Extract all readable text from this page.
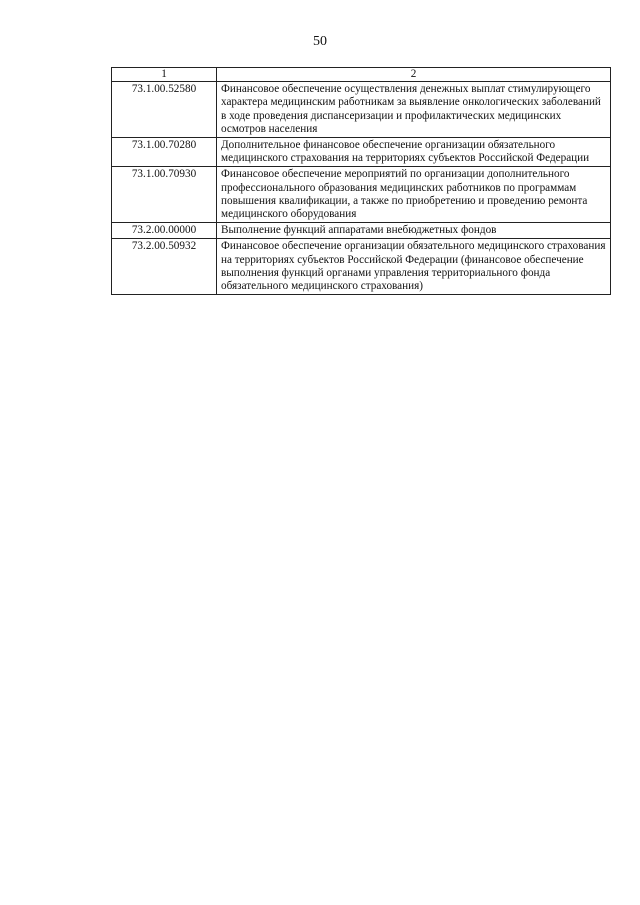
50
1	2
73.1.00.52580	Финансовое обеспечение осуществления денежных выплат стимулирующего характера медицинским работникам за выявление онкологических заболеваний в ходе проведения диспансеризации и профилактических медицинских осмотров населения
73.1.00.70280	Дополнительное финансовое обеспечение организации обязательного медицинского страхования на территориях субъектов Российской Федерации
73.1.00.70930	Финансовое обеспечение мероприятий по организации дополнительного профессионального образования медицинских работников по программам повышения квалификации, а также по приобретению и проведению ремонта медицинского оборудования
73.2.00.00000	Выполнение функций аппаратами внебюджетных фондов
73.2.00.50932	Финансовое обеспечение организации обязательного медицинского страхования на территориях субъектов Российской Федерации (финансовое обеспечение выполнения функций органами управления территориального фонда обязательного медицинского страхования)
